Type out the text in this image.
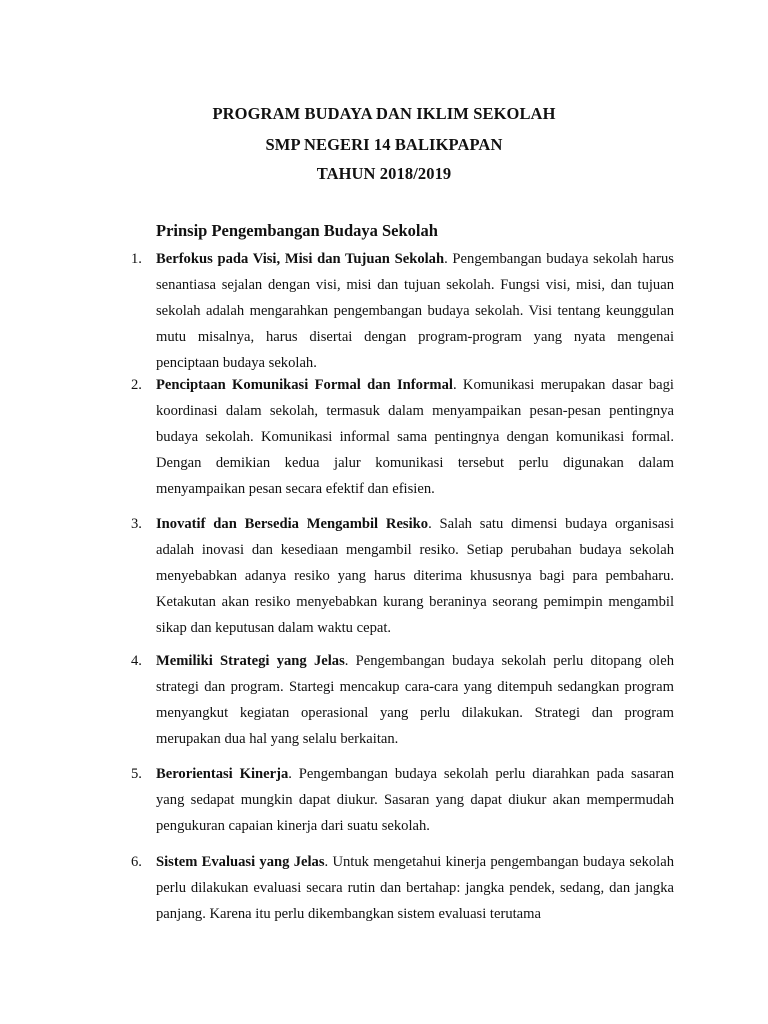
PROGRAM BUDAYA DAN IKLIM SEKOLAH
SMP NEGERI 14 BALIKPAPAN
TAHUN 2018/2019
Prinsip Pengembangan Budaya Sekolah
1. Berfokus pada Visi, Misi dan Tujuan Sekolah. Pengembangan budaya sekolah harus senantiasa sejalan dengan visi, misi dan tujuan sekolah. Fungsi visi, misi, dan tujuan sekolah adalah mengarahkan pengembangan budaya sekolah. Visi tentang keunggulan mutu misalnya, harus disertai dengan program-program yang nyata mengenai penciptaan budaya sekolah.
2. Penciptaan Komunikasi Formal dan Informal. Komunikasi merupakan dasar bagi koordinasi dalam sekolah, termasuk dalam menyampaikan pesan-pesan pentingnya budaya sekolah. Komunikasi informal sama pentingnya dengan komunikasi formal. Dengan demikian kedua jalur komunikasi tersebut perlu digunakan dalam menyampaikan pesan secara efektif dan efisien.
3. Inovatif dan Bersedia Mengambil Resiko. Salah satu dimensi budaya organisasi adalah inovasi dan kesediaan mengambil resiko. Setiap perubahan budaya sekolah menyebabkan adanya resiko yang harus diterima khususnya bagi para pembaharu. Ketakutan akan resiko menyebabkan kurang beraninya seorang pemimpin mengambil sikap dan keputusan dalam waktu cepat.
4. Memiliki Strategi yang Jelas. Pengembangan budaya sekolah perlu ditopang oleh strategi dan program. Startegi mencakup cara-cara yang ditempuh sedangkan program menyangkut kegiatan operasional yang perlu dilakukan. Strategi dan program merupakan dua hal yang selalu berkaitan.
5. Berorientasi Kinerja. Pengembangan budaya sekolah perlu diarahkan pada sasaran yang sedapat mungkin dapat diukur. Sasaran yang dapat diukur akan mempermudah pengukuran capaian kinerja dari suatu sekolah.
6. Sistem Evaluasi yang Jelas. Untuk mengetahui kinerja pengembangan budaya sekolah perlu dilakukan evaluasi secara rutin dan bertahap: jangka pendek, sedang, dan jangka panjang. Karena itu perlu dikembangkan sistem evaluasi terutama
